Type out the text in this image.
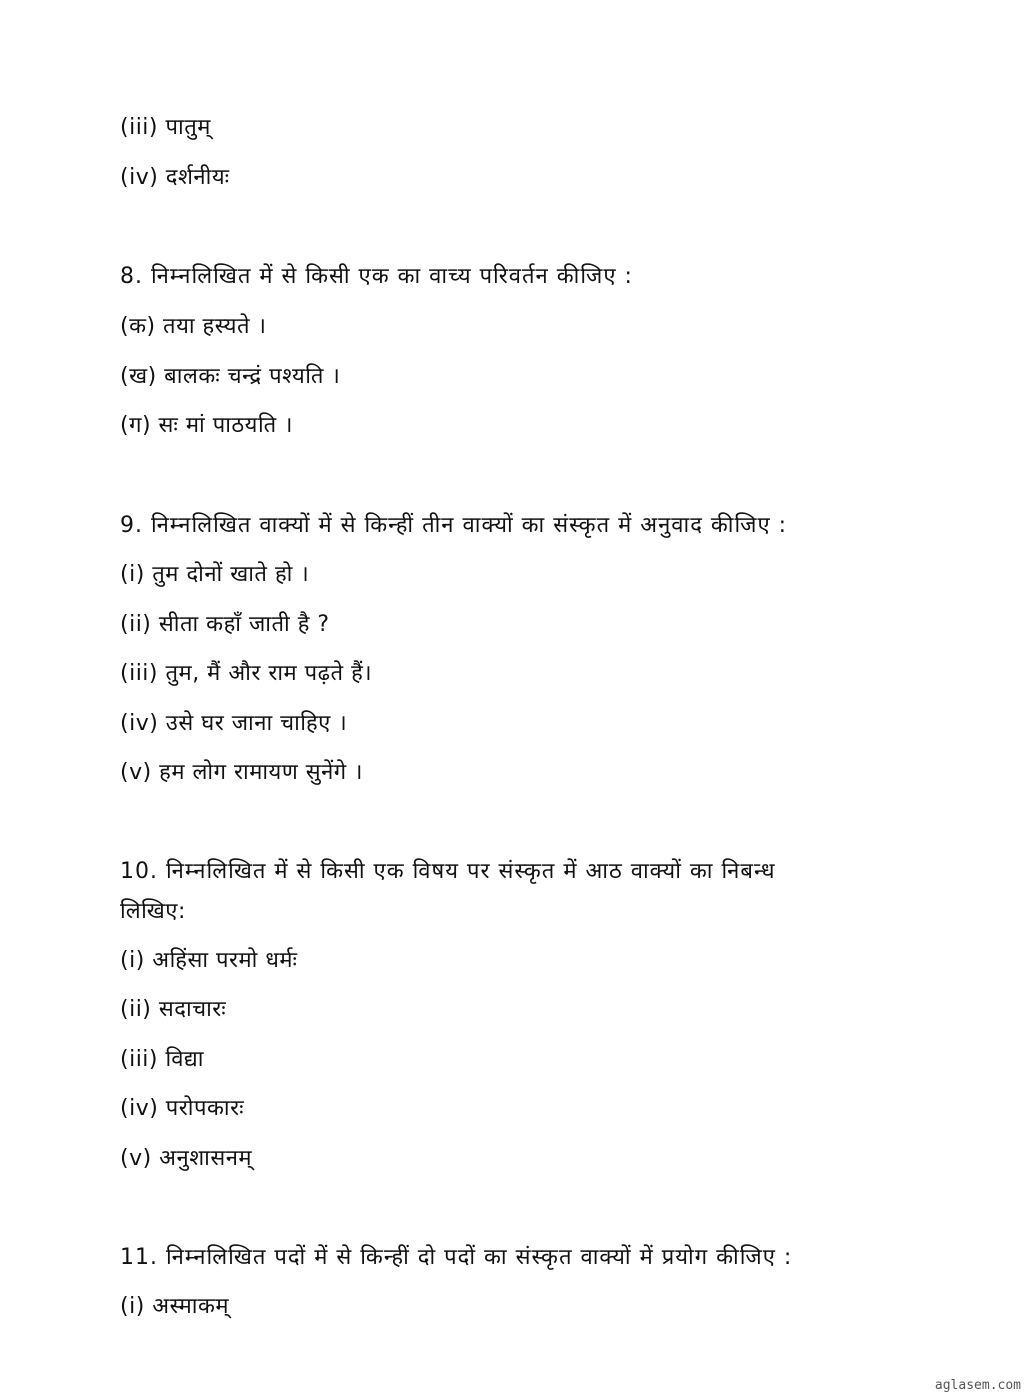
(iii) पातुम्
(iv) दर्शनीयः
8. निम्नलिखित में से किसी एक का वाच्य परिवर्तन कीजिए :
(क) तया हस्यते ।
(ख) बालकः चन्द्रं पश्यति ।
(ग) सः मां पाठयति ।
9. निम्नलिखित वाक्यों में से किन्हीं तीन वाक्यों का संस्कृत में अनुवाद कीजिए :
(i) तुम दोनों खाते हो ।
(ii) सीता कहाँ जाती है ?
(iii) तुम, मैं और राम पढ़ते हैं।
(iv) उसे घर जाना चाहिए ।
(v) हम लोग रामायण सुनेंगे ।
10. निम्नलिखित में से किसी एक विषय पर संस्कृत में आठ वाक्यों का निबन्ध
लिखिए:
(i) अहिंसा परमो धर्मः
(ii) सदाचारः
(iii) विद्या
(iv) परोपकारः
(v) अनुशासनम्
11. निम्नलिखित पदों में से किन्हीं दो पदों का संस्कृत वाक्यों में प्रयोग कीजिए :
(i) अस्माकम्
aglasem.com
